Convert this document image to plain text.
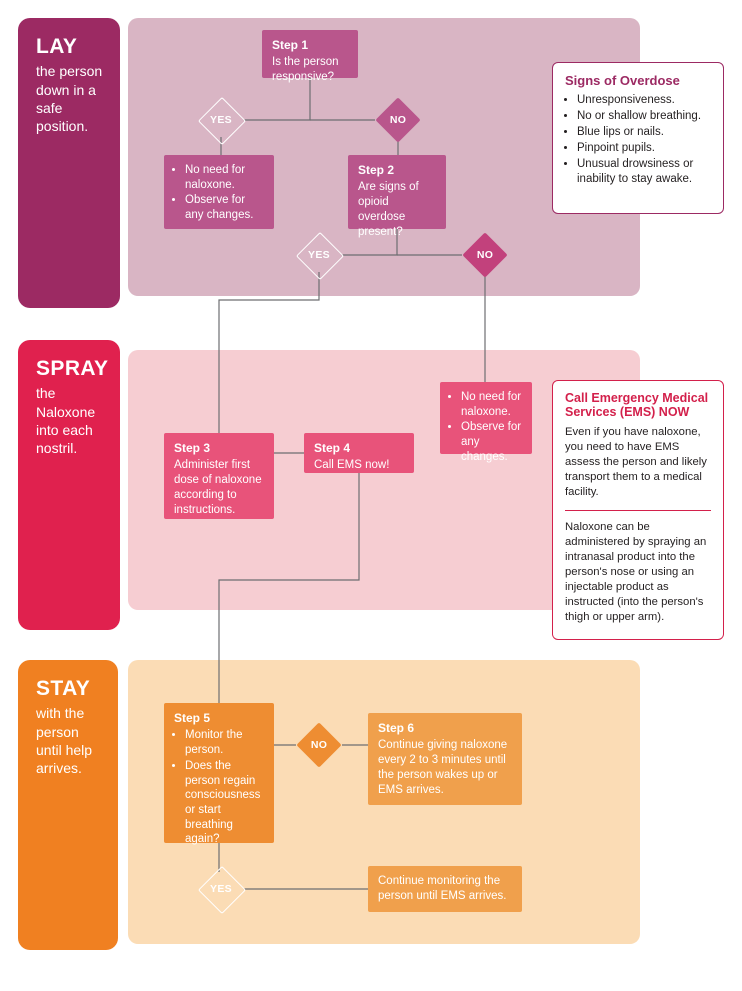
LAY
the person down in a safe position.
SPRAY
the Naloxone into each nostril.
STAY
with the person until help arrives.
Step 1
Is the person responsive?
YES	NO
• No need for naloxone.
• Observe for any changes.
Step 2
Are signs of opioid overdose present?
YES	NO
Signs of Overdose
• Unresponsiveness.
• No or shallow breathing.
• Blue lips or nails.
• Pinpoint pupils.
• Unusual drowsiness or inability to stay awake.
• No need for naloxone.
• Observe for any changes.
Step 3
Administer first dose of naloxone according to instructions.
Step 4
Call EMS now!
Call Emergency Medical Services (EMS) NOW

Even if you have naloxone, you need to have EMS assess the person and likely transport them to a medical facility.

Naloxone can be administered by spraying an intranasal product into the person's nose or using an injectable product as instructed (into the person's thigh or upper arm).

Step 5
• Monitor the person.
• Does the person regain consciousness or start breathing again?
NO
Step 6
Continue giving naloxone every 2 to 3 minutes until the person wakes up or EMS arrives.
YES
Continue monitoring the person until EMS arrives.
